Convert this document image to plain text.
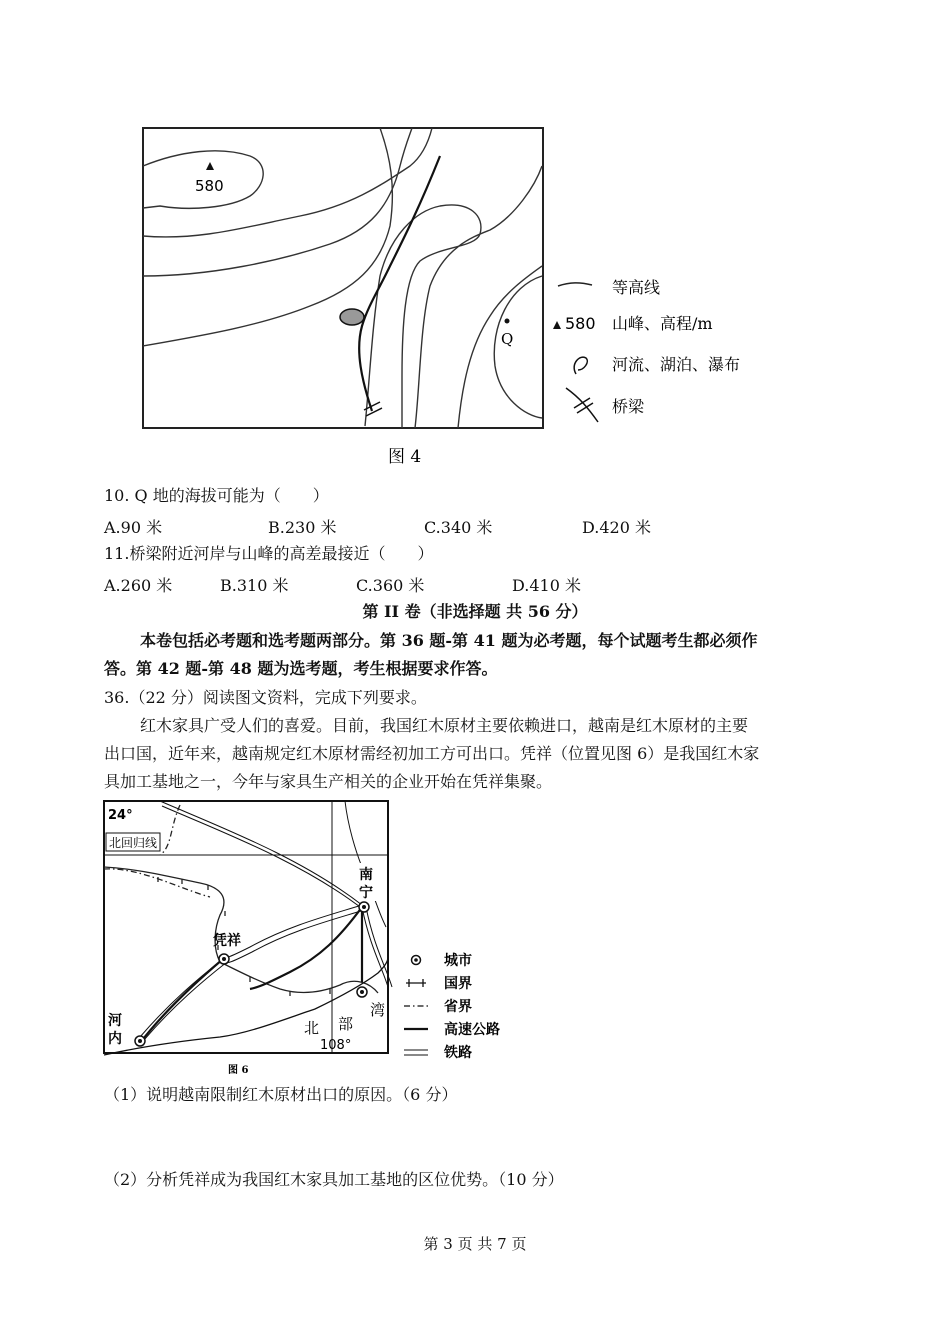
580
Q
等高线
580 山峰、高程/m
河流、湖泊、瀑布
桥梁
图 4
10. Q 地的海拔可能为（　　）
A.90 米	B.230 米	C.340 米	D.420 米
11.桥梁附近河岸与山峰的高差最接近（　　）
A.260 米	B.310 米	C.360 米	D.410 米
第 II 卷（非选择题 共 56 分）
本卷包括必考题和选考题两部分。第 36 题-第 41 题为必考题，每个试题考生都必须作
答。第 42 题-第 48 题为选考题，考生根据要求作答。
36.（22 分）阅读图文资料，完成下列要求。
红木家具广受人们的喜爱。目前，我国红木原材主要依赖进口，越南是红木原材的主要
出口国，近年来，越南规定红木原材需经初加工方可出口。凭祥（位置见图 6）是我国红木家
具加工基地之一，今年与家具生产相关的企业开始在凭祥集聚。
24°
北回归线
108°
南
宁
凭祥
河
内
北 部
湾
城市
国界
省界
高速公路
铁路
图 6
（1）说明越南限制红木原材出口的原因。（6 分）
（2）分析凭祥成为我国红木家具加工基地的区位优势。（10 分）
第 3 页 共 7 页
